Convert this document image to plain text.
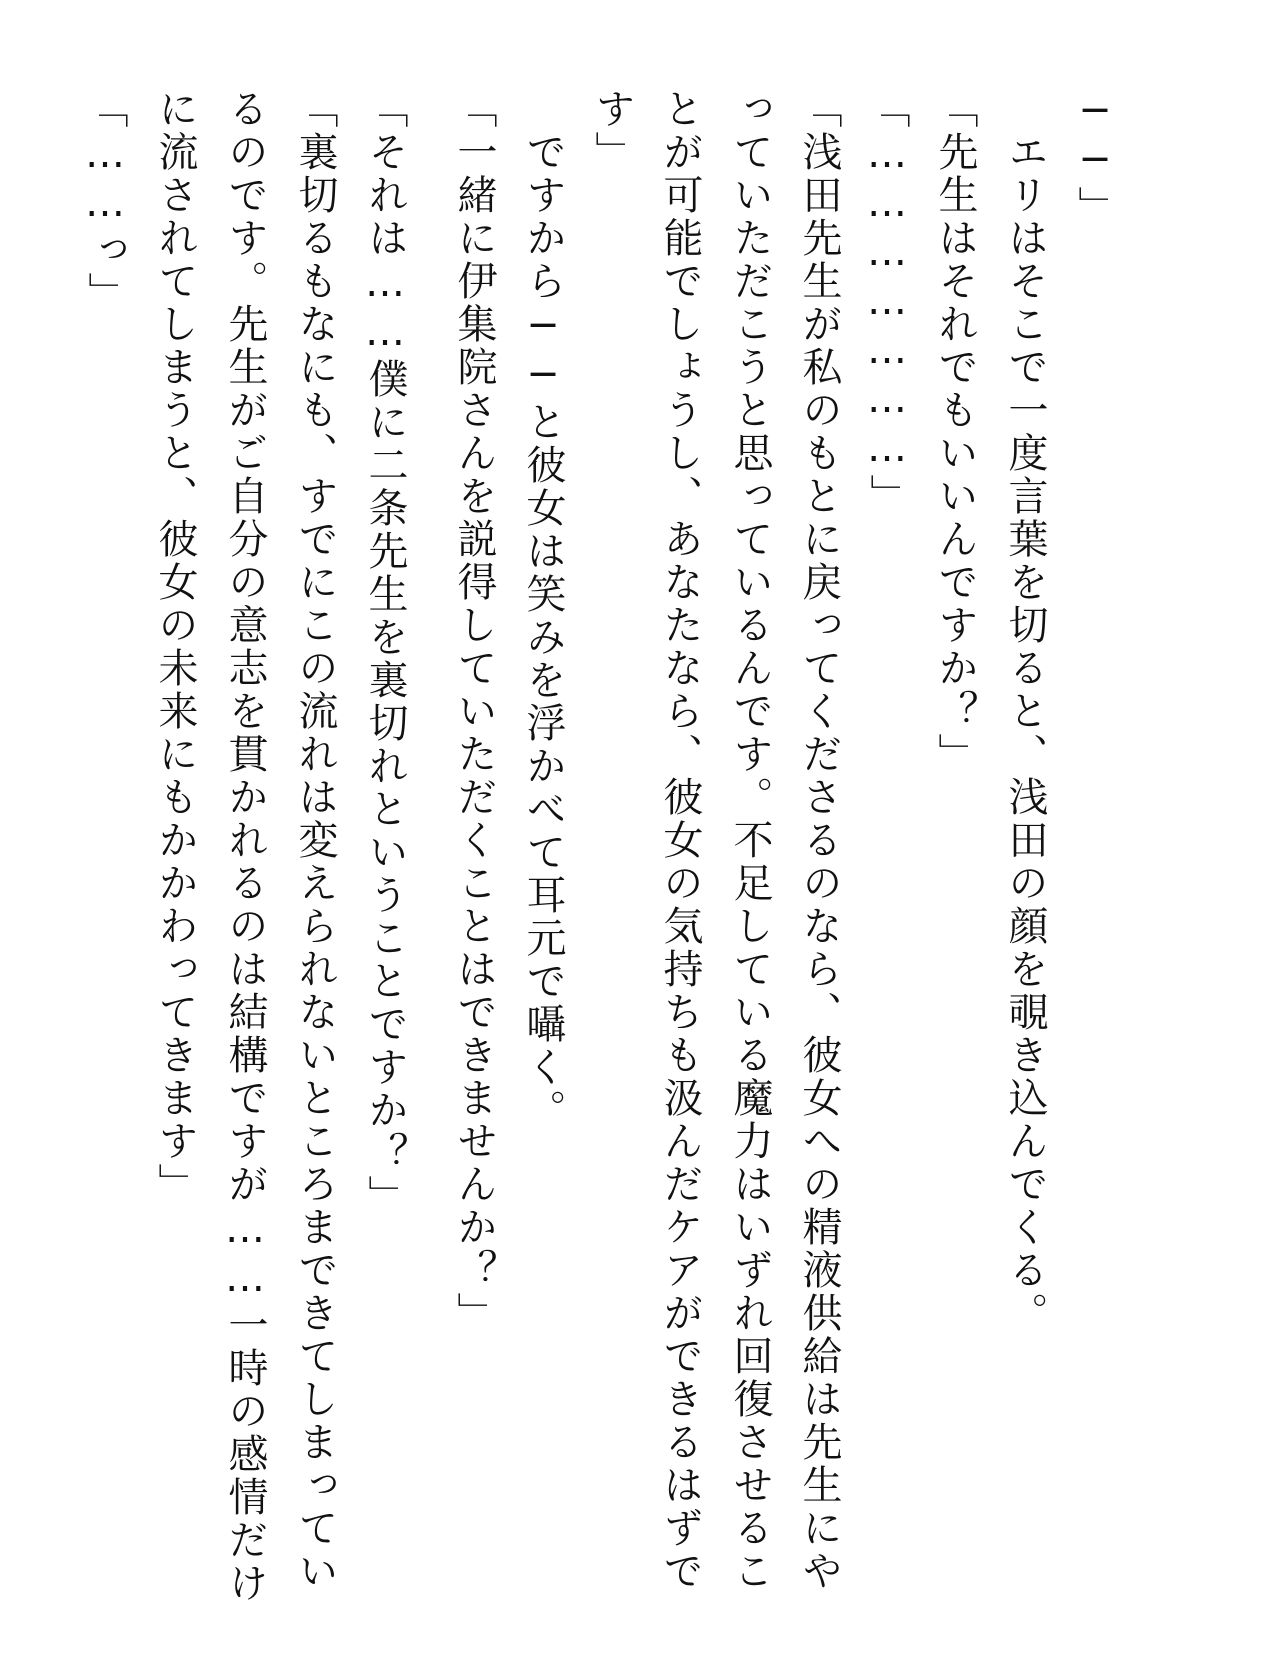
──」
　エリはそこで一度言葉を切ると、浅田の顔を覗き込んでくる。
「先生はそれでもいいんですか？」
「…………………」
「浅田先生が私のもとに戻ってくださるのなら、彼女への精液供給は先生にや
っていただこうと思っているんです。不足している魔力はいずれ回復させるこ
とが可能でしょうし、あなたなら、彼女の気持ちも汲んだケアができるはずで
す」
　ですから──と彼女は笑みを浮かべて耳元で囁く。
「一緒に伊集院さんを説得していただくことはできませんか？」
「それは……僕に二条先生を裏切れということですか？」
「裏切るもなにも、すでにこの流れは変えられないところまできてしまってい
るのです。先生がご自分の意志を貫かれるのは結構ですが……一時の感情だけ
に流されてしまうと、彼女の未来にもかかわってきます」
「……っ」
